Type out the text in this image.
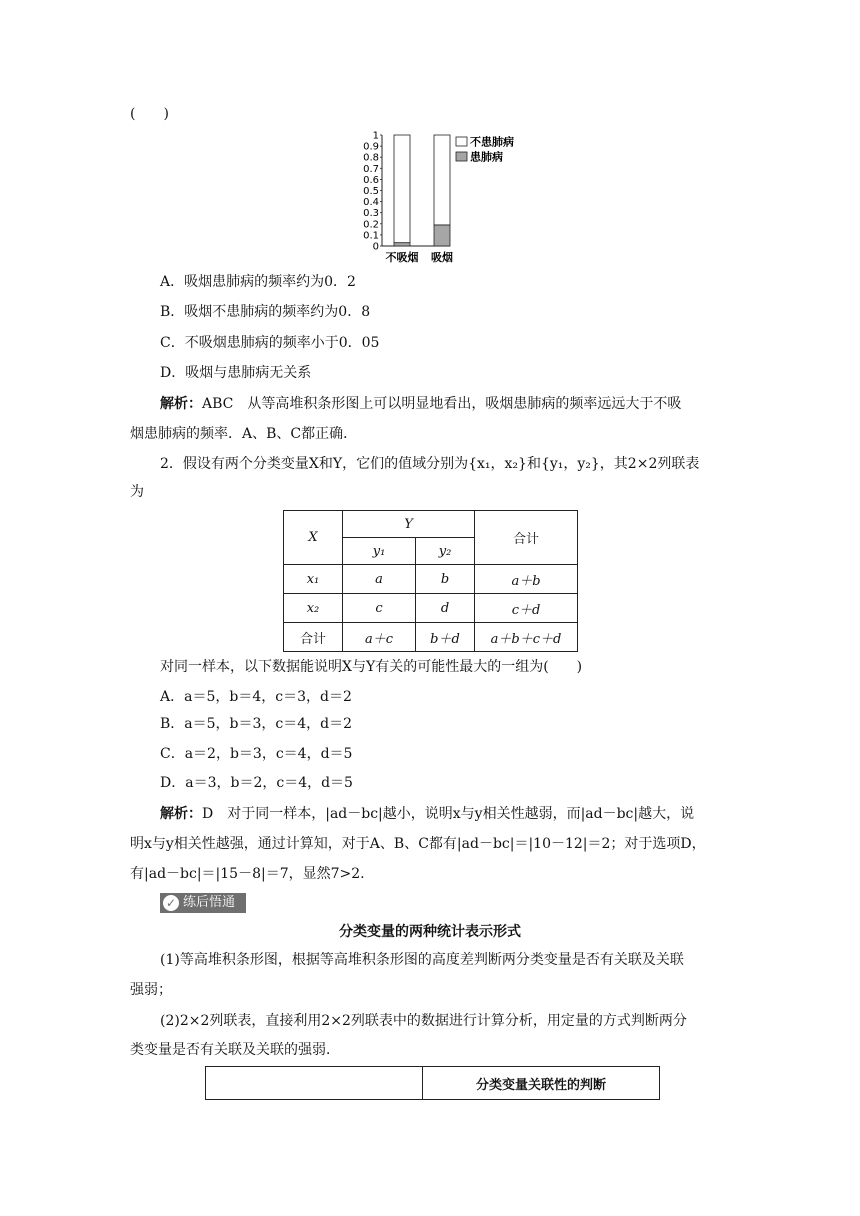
(　　)
1
0.9
0.8
0.7
0.6
0.5
0.4
0.3
0.2
0.1
0
不吸烟 吸烟
不患肺病
患肺病
A．吸烟患肺病的频率约为0．2
B．吸烟不患肺病的频率约为0．8
C．不吸烟患肺病的频率小于0．05
D．吸烟与患肺病无关系
解析：ABC　从等高堆积条形图上可以明显地看出，吸烟患肺病的频率远远大于不吸
烟患肺病的频率．A、B、C都正确．
2．假设有两个分类变量X和Y，它们的值域分别为{x₁，x₂}和{y₁，y₂}，其2×2列联表
为
X	Y		合计
	y₁	y₂	
x₁	a	b	a＋b
x₂	c	d	c＋d
合计	a＋c	b＋d	a＋b＋c＋d
对同一样本，以下数据能说明X与Y有关的可能性最大的一组为(　　)
A．a＝5，b＝4，c＝3，d＝2
B．a＝5，b＝3，c＝4，d＝2
C．a＝2，b＝3，c＝4，d＝5
D．a＝3，b＝2，c＝4，d＝5
解析：D　对于同一样本，|ad－bc|越小，说明x与y相关性越弱，而|ad－bc|越大，说
明x与y相关性越强，通过计算知，对于A、B、C都有|ad－bc|＝|10－12|＝2；对于选项D，
有|ad－bc|＝|15－8|＝7，显然7>2.
✓ 练后悟通
分类变量的两种统计表示形式
(1)等高堆积条形图，根据等高堆积条形图的高度差判断两分类变量是否有关联及关联
强弱；
(2)2×2列联表，直接利用2×2列联表中的数据进行计算分析，用定量的方式判断两分
类变量是否有关联及关联的强弱．
	分类变量关联性的判断
